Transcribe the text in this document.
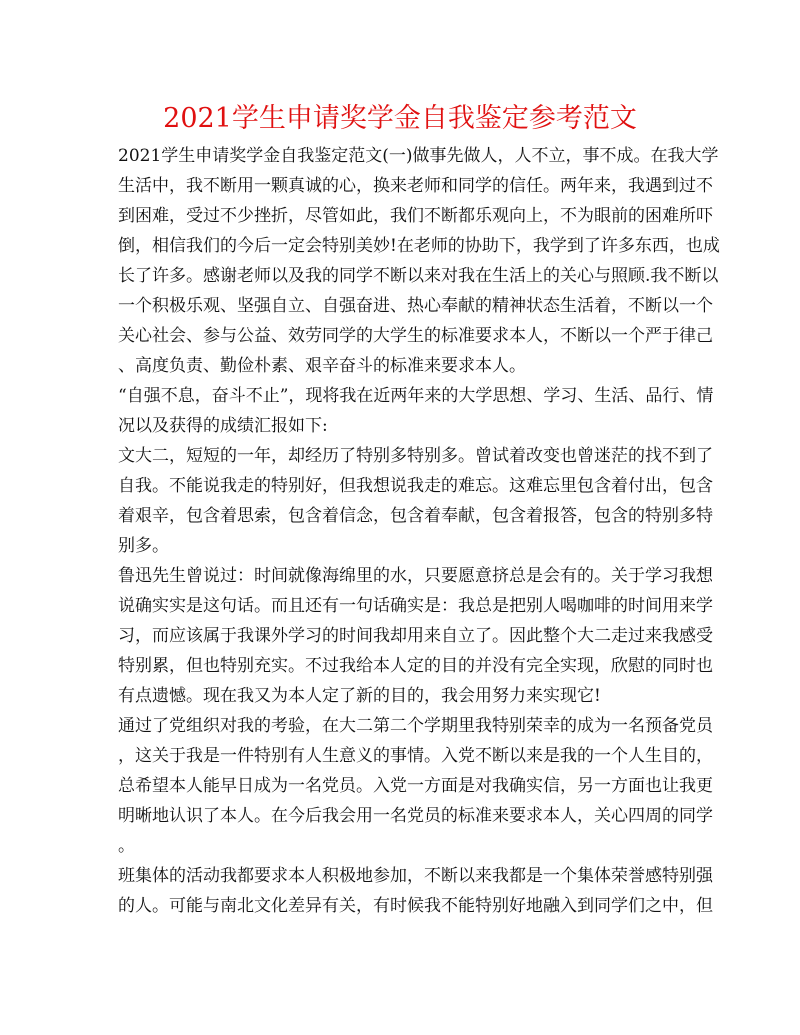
2021学生申请奖学金自我鉴定参考范文

2021学生申请奖学金自我鉴定范文(一)做事先做人，人不立，事不成。在我大学

生活中，我不断用一颗真诚的心，换来老师和同学的信任。两年来，我遇到过不

到困难，受过不少挫折，尽管如此，我们不断都乐观向上，不为眼前的困难所吓

倒，相信我们的今后一定会特别美妙!在老师的协助下，我学到了许多东西，也成

长了许多。感谢老师以及我的同学不断以来对我在生活上的关心与照顾.我不断以

一个积极乐观、坚强自立、自强奋进、热心奉献的精神状态生活着，不断以一个

关心社会、参与公益、效劳同学的大学生的标准要求本人，不断以一个严于律己

、高度负责、勤俭朴素、艰辛奋斗的标准来要求本人。

“自强不息，奋斗不止”，现将我在近两年来的大学思想、学习、生活、品行、情

况以及获得的成绩汇报如下:

文大二，短短的一年，却经历了特别多特别多。曾试着改变也曾迷茫的找不到了

自我。不能说我走的特别好，但我想说我走的难忘。这难忘里包含着付出，包含

着艰辛，包含着思索，包含着信念，包含着奉献，包含着报答，包含的特别多特

别多。

鲁迅先生曾说过：时间就像海绵里的水，只要愿意挤总是会有的。关于学习我想

说确实实是这句话。而且还有一句话确实是：我总是把别人喝咖啡的时间用来学

习，而应该属于我课外学习的时间我却用来自立了。因此整个大二走过来我感受

特别累，但也特别充实。不过我给本人定的目的并没有完全实现，欣慰的同时也

有点遗憾。现在我又为本人定了新的目的，我会用努力来实现它!

通过了党组织对我的考验，在大二第二个学期里我特别荣幸的成为一名预备党员

，这关于我是一件特别有人生意义的事情。入党不断以来是我的一个人生目的，

总希望本人能早日成为一名党员。入党一方面是对我确实信，另一方面也让我更

明晰地认识了本人。在今后我会用一名党员的标准来要求本人，关心四周的同学

。

班集体的活动我都要求本人积极地参加，不断以来我都是一个集体荣誉感特别强

的人。可能与南北文化差异有关，有时候我不能特别好地融入到同学们之中，但
